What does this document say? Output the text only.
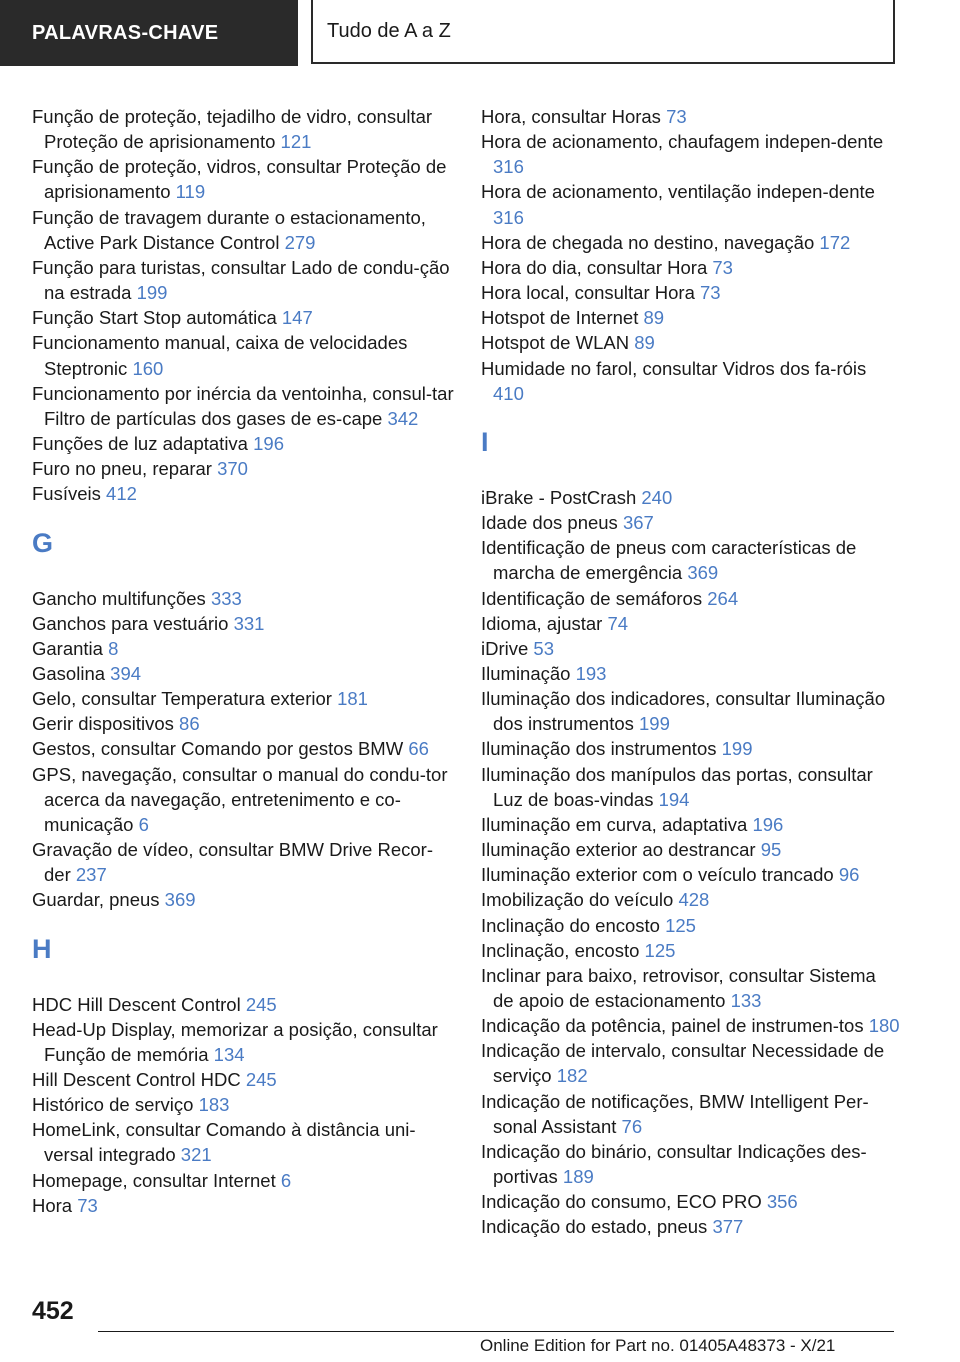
PALAVRAS-CHAVE	Tudo de A a Z
Função de proteção, tejadilho de vidro, consultar Proteção de aprisionamento 121
Função de proteção, vidros, consultar Proteção de aprisionamento 119
Função de travagem durante o estacionamento, Active Park Distance Control 279
Função para turistas, consultar Lado de condu-ção na estrada 199
Função Start Stop automática 147
Funcionamento manual, caixa de velocidades Steptronic 160
Funcionamento por inércia da ventoinha, consul-tar Filtro de partículas dos gases de es-cape 342
Funções de luz adaptativa 196
Furo no pneu, reparar 370
Fusíveis 412
G
Gancho multifunções 333
Ganchos para vestuário 331
Garantia 8
Gasolina 394
Gelo, consultar Temperatura exterior 181
Gerir dispositivos 86
Gestos, consultar Comando por gestos BMW 66
GPS, navegação, consultar o manual do condu-tor acerca da navegação, entretenimento e co-municação 6
Gravação de vídeo, consultar BMW Drive Recor-der 237
Guardar, pneus 369
H
HDC Hill Descent Control 245
Head-Up Display, memorizar a posição, consultar Função de memória 134
Hill Descent Control HDC 245
Histórico de serviço 183
HomeLink, consultar Comando à distância uni-versal integrado 321
Homepage, consultar Internet 6
Hora 73
Hora, consultar Horas 73
Hora de acionamento, chaufagem indepen-dente 316
Hora de acionamento, ventilação indepen-dente 316
Hora de chegada no destino, navegação 172
Hora do dia, consultar Hora 73
Hora local, consultar Hora 73
Hotspot de Internet 89
Hotspot de WLAN 89
Humidade no farol, consultar Vidros dos fa-róis 410
I
iBrake - PostCrash 240
Idade dos pneus 367
Identificação de pneus com características de marcha de emergência 369
Identificação de semáforos 264
Idioma, ajustar 74
iDrive 53
Iluminação 193
Iluminação dos indicadores, consultar Iluminação dos instrumentos 199
Iluminação dos instrumentos 199
Iluminação dos manípulos das portas, consultar Luz de boas-vindas 194
Iluminação em curva, adaptativa 196
Iluminação exterior ao destrancar 95
Iluminação exterior com o veículo trancado 96
Imobilização do veículo 428
Inclinação do encosto 125
Inclinação, encosto 125
Inclinar para baixo, retrovisor, consultar Sistema de apoio de estacionamento 133
Indicação da potência, painel de instrumen-tos 180
Indicação de intervalo, consultar Necessidade de serviço 182
Indicação de notificações, BMW Intelligent Per-sonal Assistant 76
Indicação do binário, consultar Indicações des-portivas 189
Indicação do consumo, ECO PRO 356
Indicação do estado, pneus 377
452
Online Edition for Part no. 01405A48373 - X/21
